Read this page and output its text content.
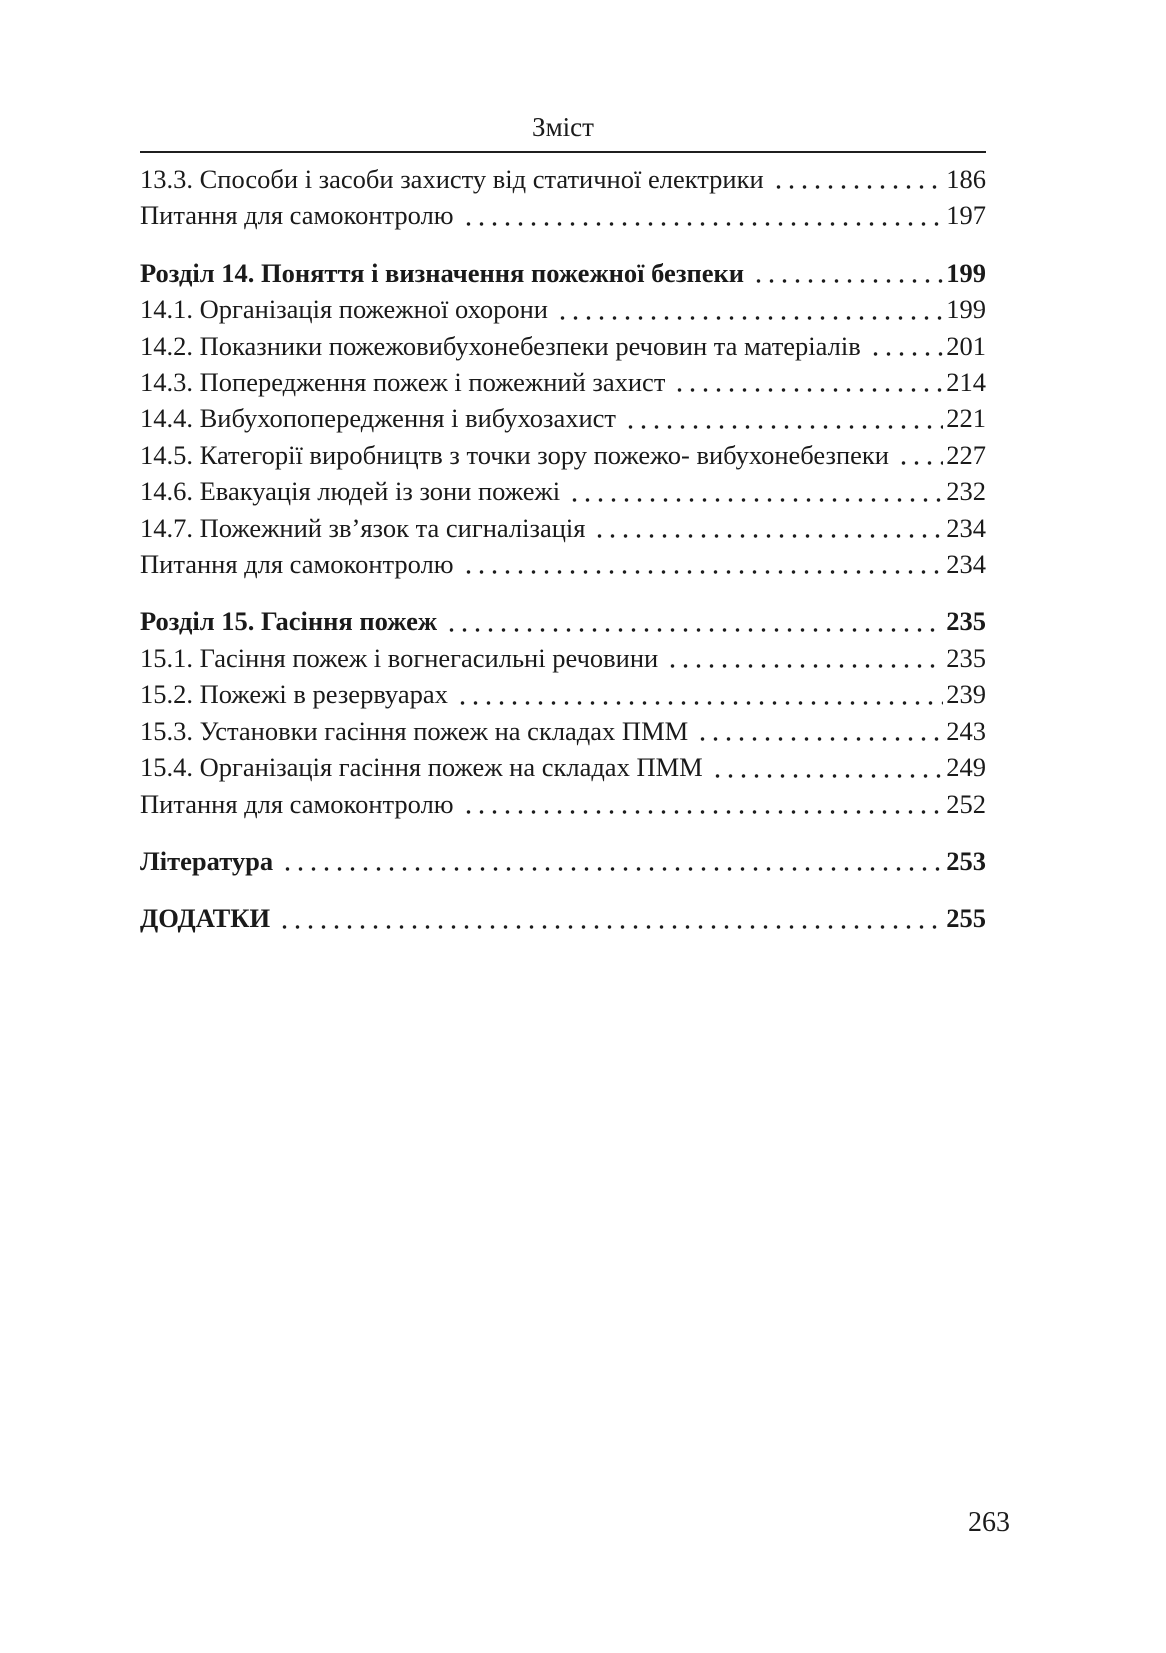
Зміст
13.3. Способи і засоби захисту від статичної електрики	186
Питання для самоконтролю	197
Розділ 14. Поняття і визначення пожежної безпеки	199
14.1. Організація пожежної охорони	199
14.2. Показники пожежовибухонебезпеки речовин та матеріалів	201
14.3. Попередження пожеж і пожежний захист	214
14.4. Вибухопопередження і вибухозахист	221
14.5. Категорії виробництв з точки зору пожежо- вибухонебезпеки 227
14.6. Евакуація людей із зони пожежі	232
14.7. Пожежний зв’язок та сигналізація	234
Питання для самоконтролю	234
Розділ 15. Гасіння пожеж	235
15.1. Гасіння пожеж і вогнегасильні речовини	235
15.2. Пожежі в резервуарах	239
15.3. Установки гасіння пожеж на складах ПММ	243
15.4. Організація гасіння пожеж на складах ПММ	249
Питання для самоконтролю	252
Література	253
ДОДАТКИ	255
263
